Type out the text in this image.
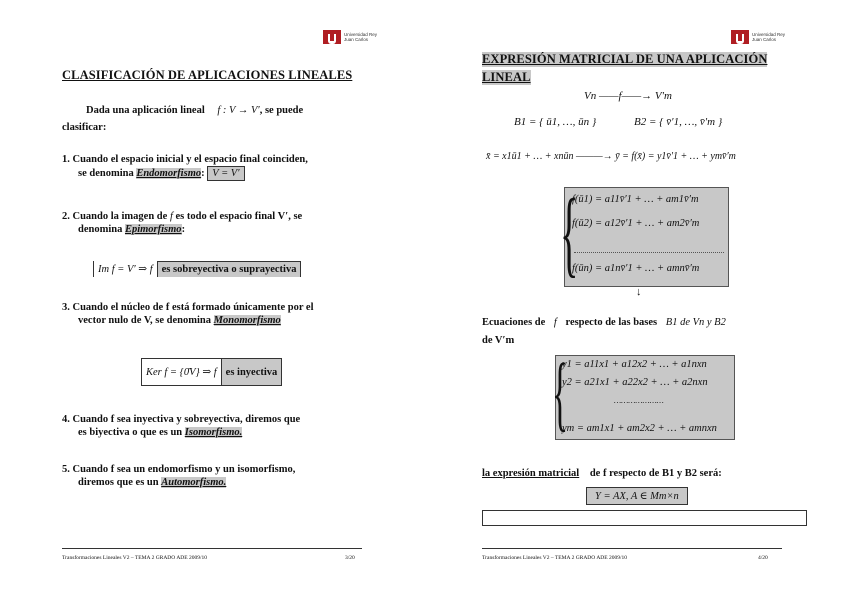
Universidad Rey Juan Carlos
CLASIFICACIÓN DE APLICACIONES LINEALES
Dada una aplicación lineal f : V → V′, se puede
clasificar:
1. Cuando el espacio inicial y el espacio final coinciden,
se denomina Endomorfismo: V = V′
2. Cuando la imagen de f es todo el espacio final V′, se
denomina Epimorfismo:
Im f = V′ ⇒ f es sobreyectiva o suprayectiva
3. Cuando el núcleo de f está formado únicamente por el
vector nulo de V, se denomina Monomorfismo
Ker f = {0̄V} ⇒ f es inyectiva
4. Cuando f sea inyectiva y sobreyectiva, diremos que
es biyectiva o que es un Isomorfismo.
5. Cuando f sea un endomorfismo y un isomorfismo,
diremos que es un Automorfismo.
Transformaciones Lineales V2 – TEMA 2 GRADO ADE 2009/10	3/20
Universidad Rey Juan Carlos
EXPRESIÓN MATRICIAL DE UNA APLICACIÓN
LINEAL
Vn ——f——→ V′m
B1 = { ū1, …, ūn }	B2 = { v̄′1, …, v̄′m }
x̄ = x1ū1 + … + xnūn ———→ ȳ = f(x̄) = y1v̄′1 + … + ymv̄′m
{
f(ū1) = a11v̄′1 + … + am1v̄′m
f(ū2) = a12v̄′1 + … + am2v̄′m
f(ūn) = a1nv̄′1 + … + amnv̄′m
↓
Ecuaciones de f respecto de las bases B1 de Vn y B2
de V′m
{
y1 = a11x1 + a12x2 + … + a1nxn
y2 = a21x1 + a22x2 + … + a2nxn
…………………
ym = am1x1 + am2x2 + … + amnxn
la expresión matricial de f respecto de B1 y B2 será:
Y = AX, A ∈ Mm×n
Transformaciones Lineales V2 – TEMA 2 GRADO ADE 2009/10	4/20
